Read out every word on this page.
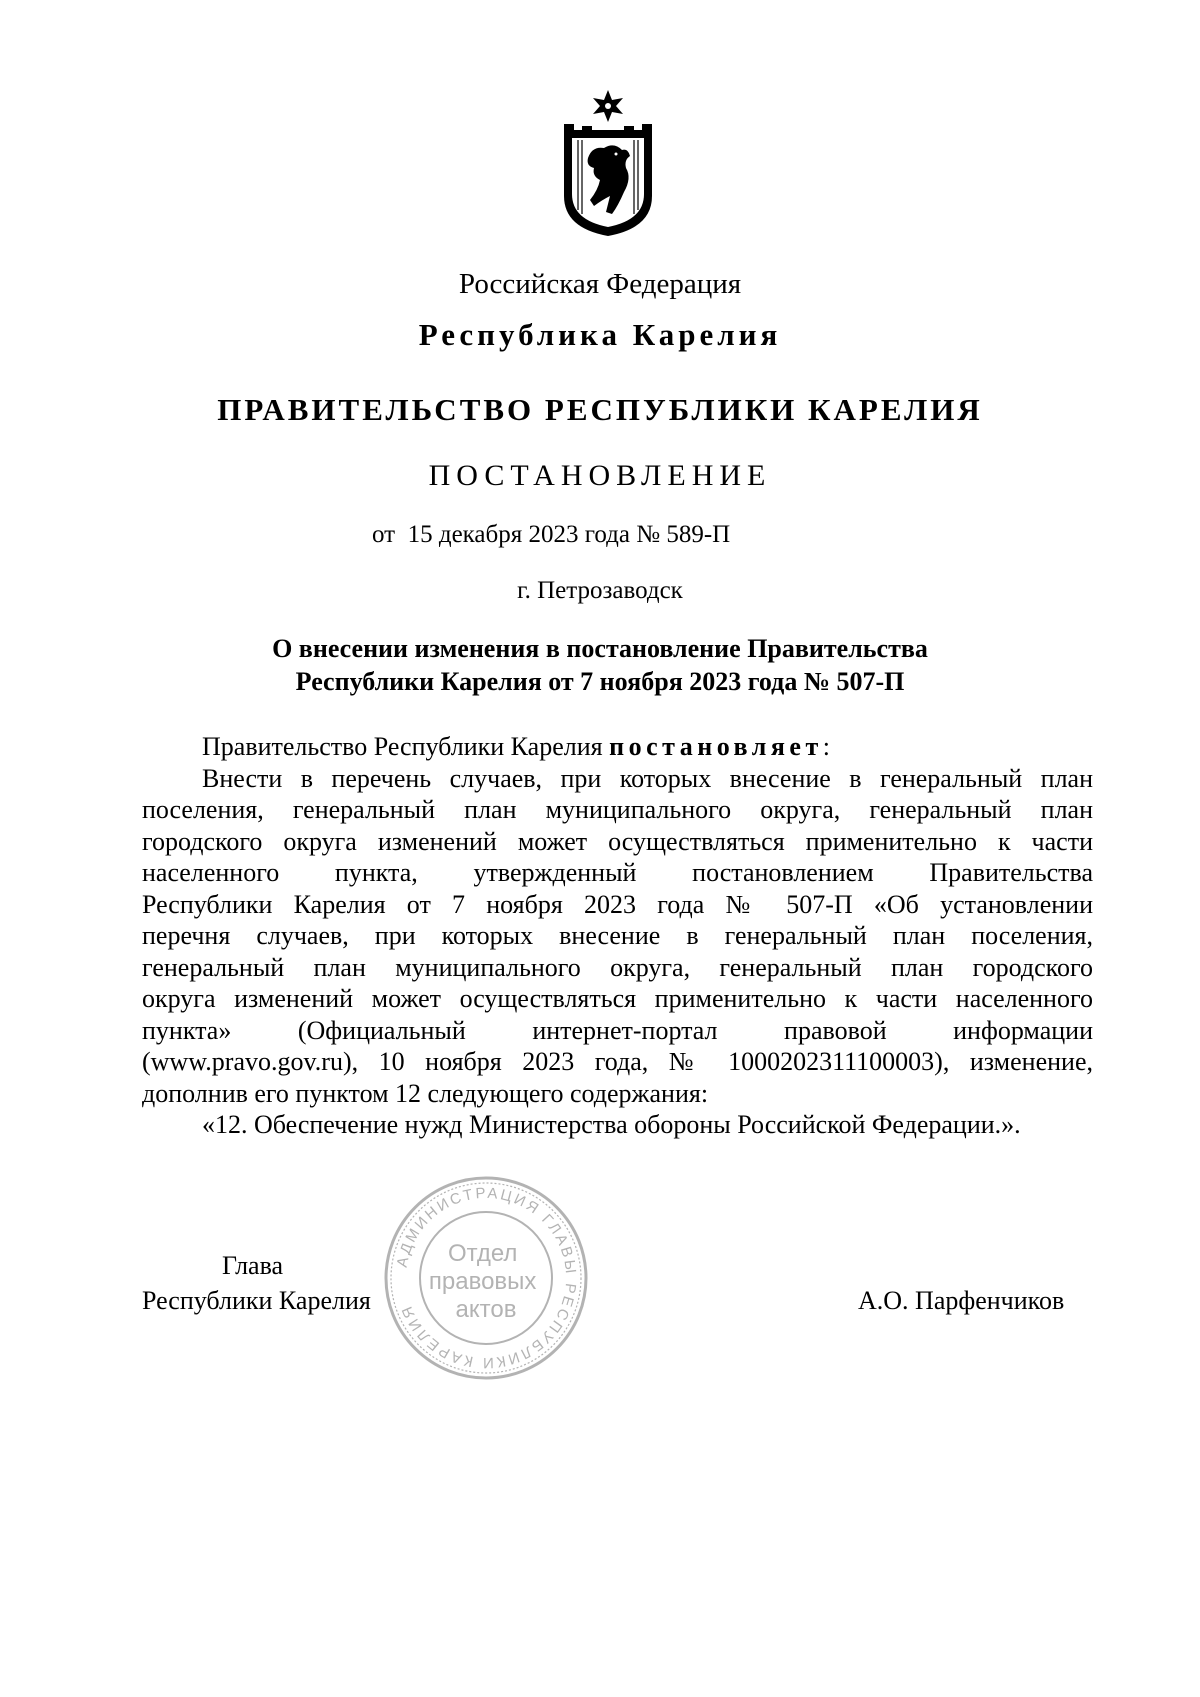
Российская Федерация
Республика Карелия
ПРАВИТЕЛЬСТВО РЕСПУБЛИКИ КАРЕЛИЯ
ПОСТАНОВЛЕНИЕ
от  15 декабря 2023 года № 589-П
г. Петрозаводск
О внесении изменения в постановление Правительства
Республики Карелия от 7 ноября 2023 года № 507-П

Правительство Республики Карелия постановляет:

Внести в перечень случаев, при которых внесение в генеральный план

поселения, генеральный план муниципального округа, генеральный план

городского округа изменений может осуществляться применительно к части

населенного пункта, утвержденный постановлением Правительства

Республики Карелия от 7 ноября 2023 года № 507-П «Об установлении

перечня случаев, при которых внесение в генеральный план поселения,

генеральный план муниципального округа, генеральный план городского

округа изменений может осуществляться применительно к части населенного

пункта» (Официальный интернет-портал правовой информации

(www.pravo.gov.ru), 10 ноября 2023 года, № 1000202311100003), изменение,

дополнив его пунктом 12 следующего содержания:

«12. Обеспечение нужд Министерства обороны Российской Федерации.».

Глава
Республики Карелия	А.О. Парфенчиков
АДМИНИСТРАЦИЯ ГЛАВЫ РЕСПУБЛИКИ КАРЕЛИЯ
Отдел правовых актов
